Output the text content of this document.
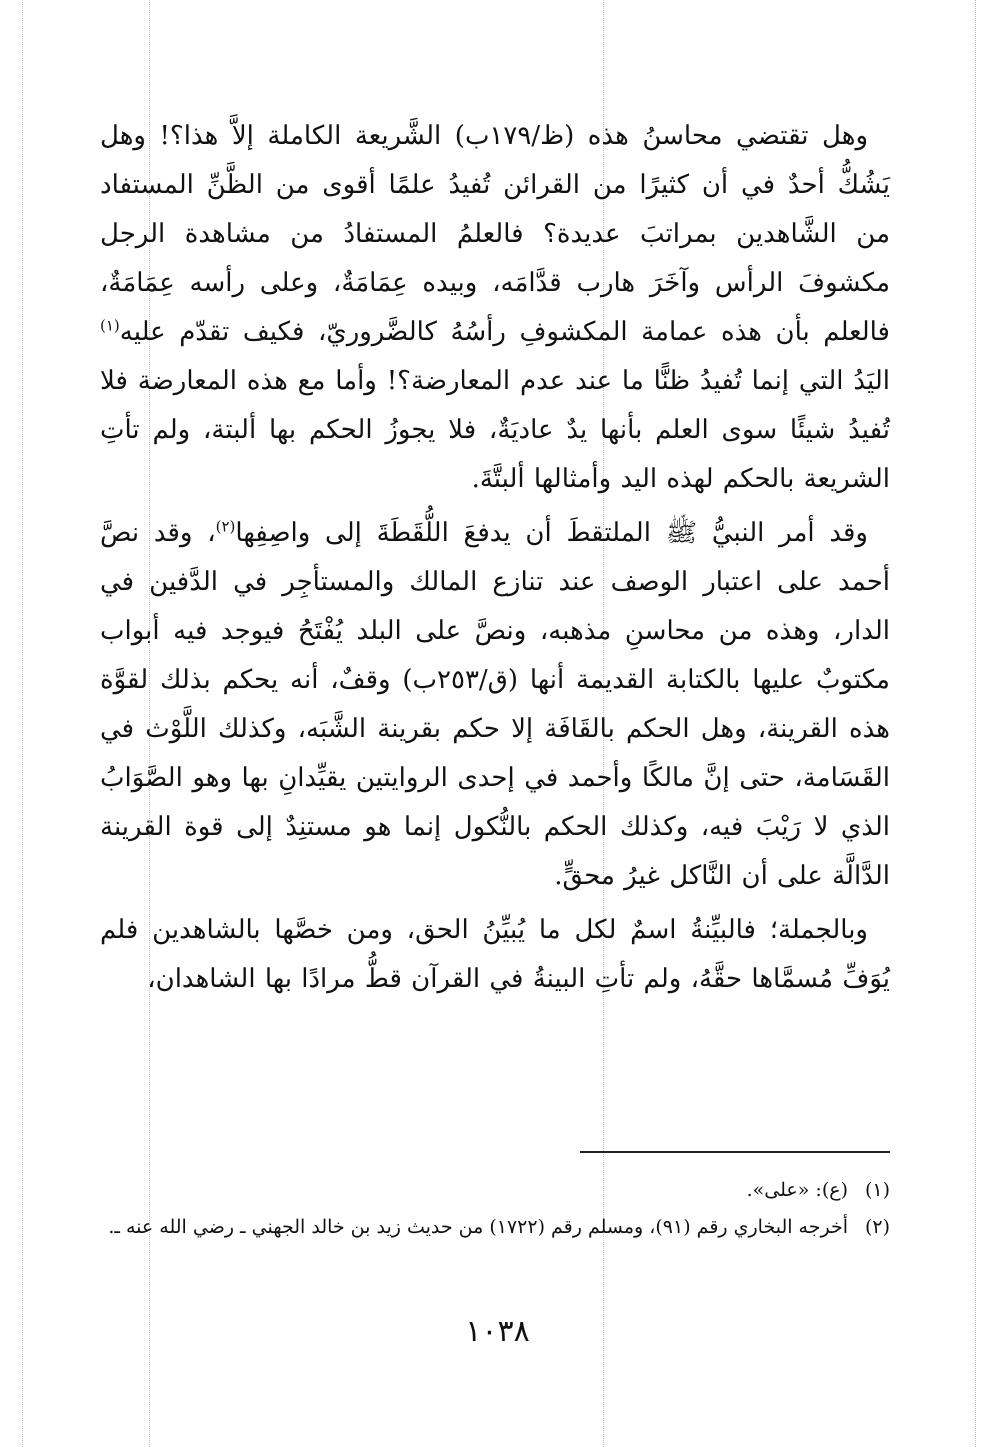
وهل تقتضي محاسنُ هذه (ظ/١٧٩ب) الشَّريعة الكاملة إلاَّ هذا؟! وهل يَشُكُّ أحدٌ في أن كثيرًا من القرائن تُفيدُ علمًا أقوى من الظَّنِّ المستفاد من الشَّاهدين بمراتبَ عديدة؟ فالعلمُ المستفادُ من مشاهدة الرجل مكشوفَ الرأس وآخَرَ هارب قدَّامَه، وبيده عِمَامَةٌ، وعلى رأسه عِمَامَةٌ، فالعلم بأن هذه عمامة المكشوفِ رأسُهُ كالضَّروريّ، فكيف تقدّم عليه$^{(١)}$ اليَدُ التي إنما تُفيدُ ظنًّا ما عند عدم المعارضة؟! وأما مع هذه المعارضة فلا تُفيدُ شيئًا سوى العلم بأنها يدٌ عاديَةٌ، فلا يجوزُ الحكم بها ألبتة، ولم تأتِ الشريعة بالحكم لهذه اليد وأمثالها ألبتَّةَ.

وقد أمر النبيُّ ﷺ الملتقطَ أن يدفعَ اللُّقَطَةَ إلى واصِفِها$^{(٢)}$، وقد نصَّ أحمد على اعتبار الوصف عند تنازع المالك والمستأجِر في الدَّفين في الدار، وهذه من محاسنِ مذهبه، ونصَّ على البلد يُفْتَحُ فيوجد فيه أبواب مكتوبٌ عليها بالكتابة القديمة أنها (ق/٢٥٣ب) وقفٌ، أنه يحكم بذلك لقوَّة هذه القرينة، وهل الحكم بالقَافَة إلا حكم بقرينة الشَّبَه، وكذلك اللَّوْث في القَسَامة، حتى إنَّ مالكًا وأحمد في إحدى الروايتين يقيِّدانِ بها وهو الصَّوَابُ الذي لا رَيْبَ فيه، وكذلك الحكم بالنُّكول إنما هو مستنِدٌ إلى قوة القرينة الدَّالَّة على أن النَّاكل غيرُ محقٍّ.

وبالجملة؛ فالبيِّنةُ اسمٌ لكل ما يُبيِّنُ الحق، ومن خصَّها بالشاهدين فلم يُوَفِّ مُسمَّاها حقَّهُ، ولم تأتِ البينةُ في القرآن قطُّ مرادًا بها الشاهدان،

(١)
(ع): «على».
(٢)
أخرجه البخاري رقم (٩١)، ومسلم رقم (١٧٢٢) من حديث زيد بن خالد الجهني ـ رضي الله عنه ـ.
١٠٣٨
